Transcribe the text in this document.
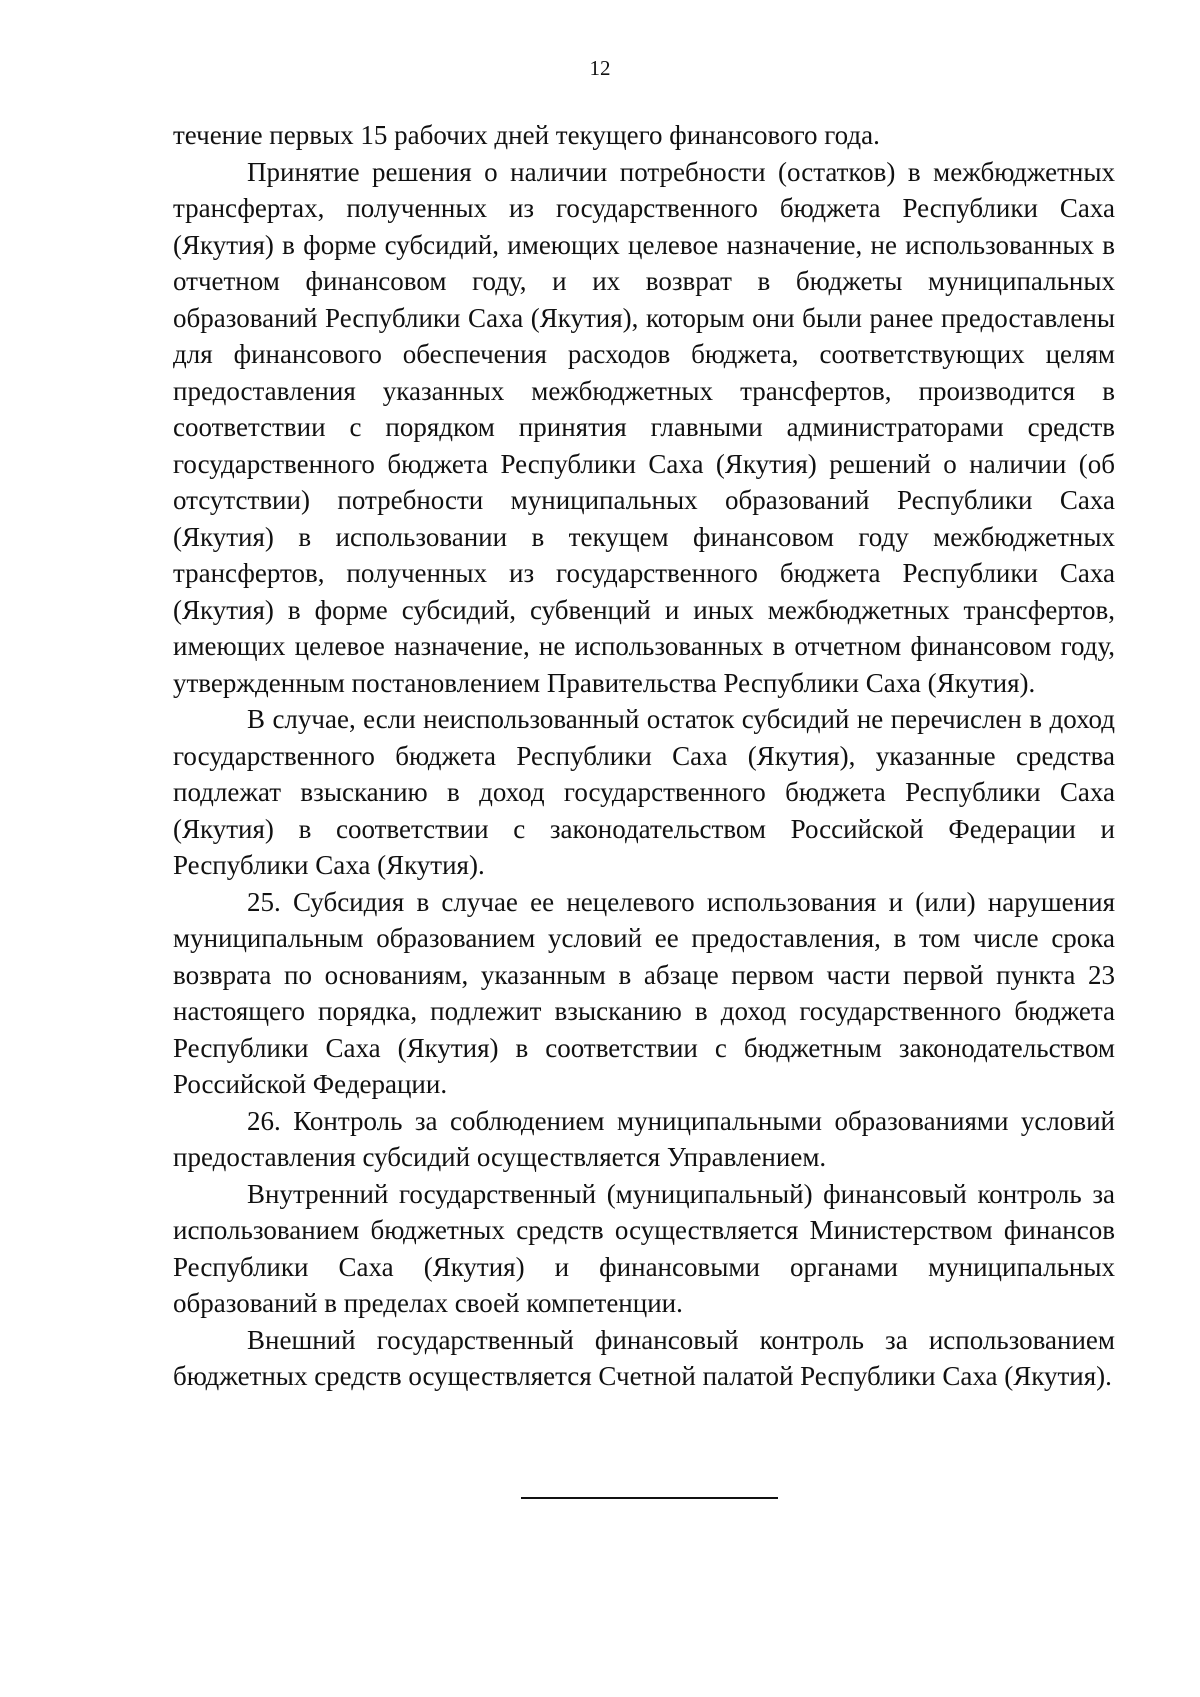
12

течение первых 15 рабочих дней текущего финансового года.

Принятие решения о наличии потребности (остатков) в межбюджетных трансфертах, полученных из государственного бюджета Республики Саха (Якутия) в форме субсидий, имеющих целевое назначение, не использованных в отчетном финансовом году, и их возврат в бюджеты муниципальных образований Республики Саха (Якутия), которым они были ранее предоставлены для финансового обеспечения расходов бюджета, соответствующих целям предоставления указанных межбюджетных трансфертов, производится в соответствии с порядком принятия главными администраторами средств государственного бюджета Республики Саха (Якутия) решений о наличии (об отсутствии) потребности муниципальных образований Республики Саха (Якутия) в использовании в текущем финансовом году межбюджетных трансфертов, полученных из государственного бюджета Республики Саха (Якутия) в форме субсидий, субвенций и иных межбюджетных трансфертов, имеющих целевое назначение, не использованных в отчетном финансовом году, утвержденным постановлением Правительства Республики Саха (Якутия).

В случае, если неиспользованный остаток субсидий не перечислен в доход государственного бюджета Республики Саха (Якутия), указанные средства подлежат взысканию в доход государственного бюджета Республики Саха (Якутия) в соответствии с законодательством Российской Федерации и Республики Саха (Якутия).

25. Субсидия в случае ее нецелевого использования и (или) нарушения муниципальным образованием условий ее предоставления, в том числе срока возврата по основаниям, указанным в абзаце первом части первой пункта 23 настоящего порядка, подлежит взысканию в доход государственного бюджета Республики Саха (Якутия) в соответствии с бюджетным законодательством Российской Федерации.

26. Контроль за соблюдением муниципальными образованиями условий предоставления субсидий осуществляется Управлением.

Внутренний государственный (муниципальный) финансовый контроль за использованием бюджетных средств осуществляется Министерством финансов Республики Саха (Якутия) и финансовыми органами муниципальных образований в пределах своей компетенции.

Внешний государственный финансовый контроль за использованием бюджетных средств осуществляется Счетной палатой Республики Саха (Якутия).
